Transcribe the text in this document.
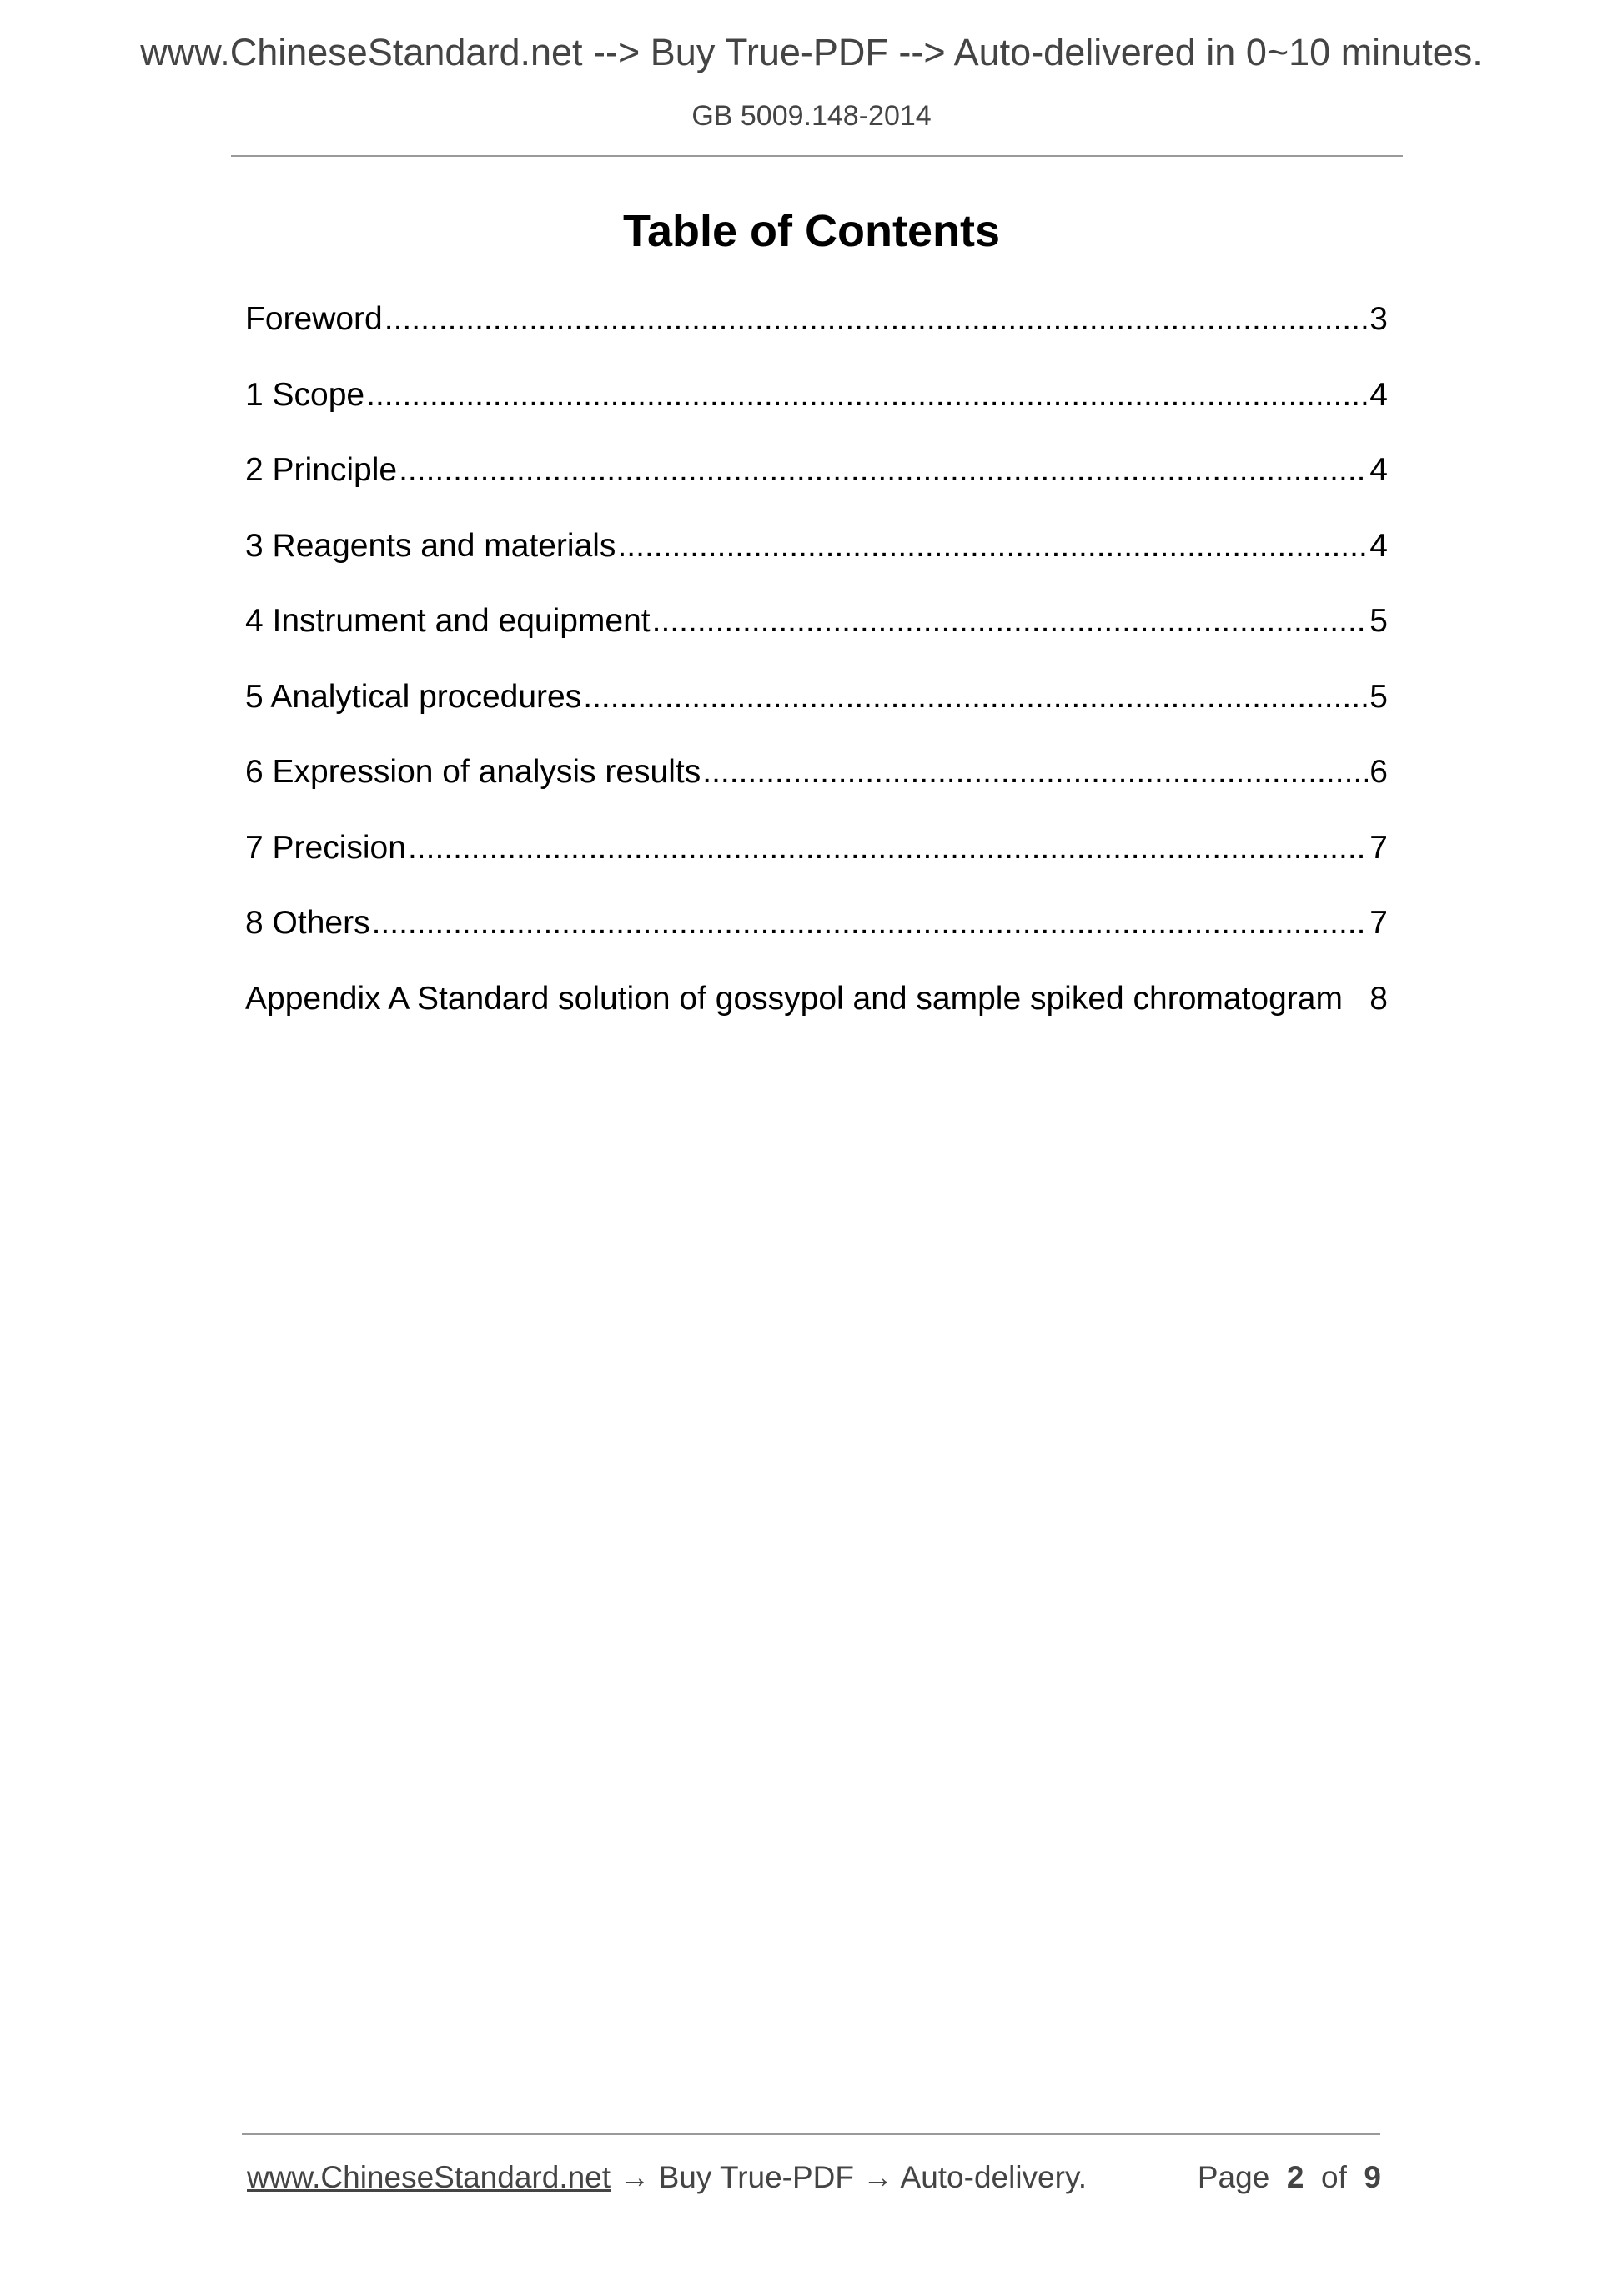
www.ChineseStandard.net --> Buy True-PDF --> Auto-delivered in 0~10 minutes.
GB 5009.148-2014
Table of Contents
Foreword .....	3
1 Scope .....	4
2 Principle .....	4
3 Reagents and materials .....	4
4 Instrument and equipment .....	5
5 Analytical procedures .....	5
6 Expression of analysis results .....	6
7 Precision .....	7
8 Others .....	7
Appendix A Standard solution of gossypol and sample spiked chromatogram 8
www.ChineseStandard.net → Buy True-PDF → Auto-delivery.	Page 2 of 9
